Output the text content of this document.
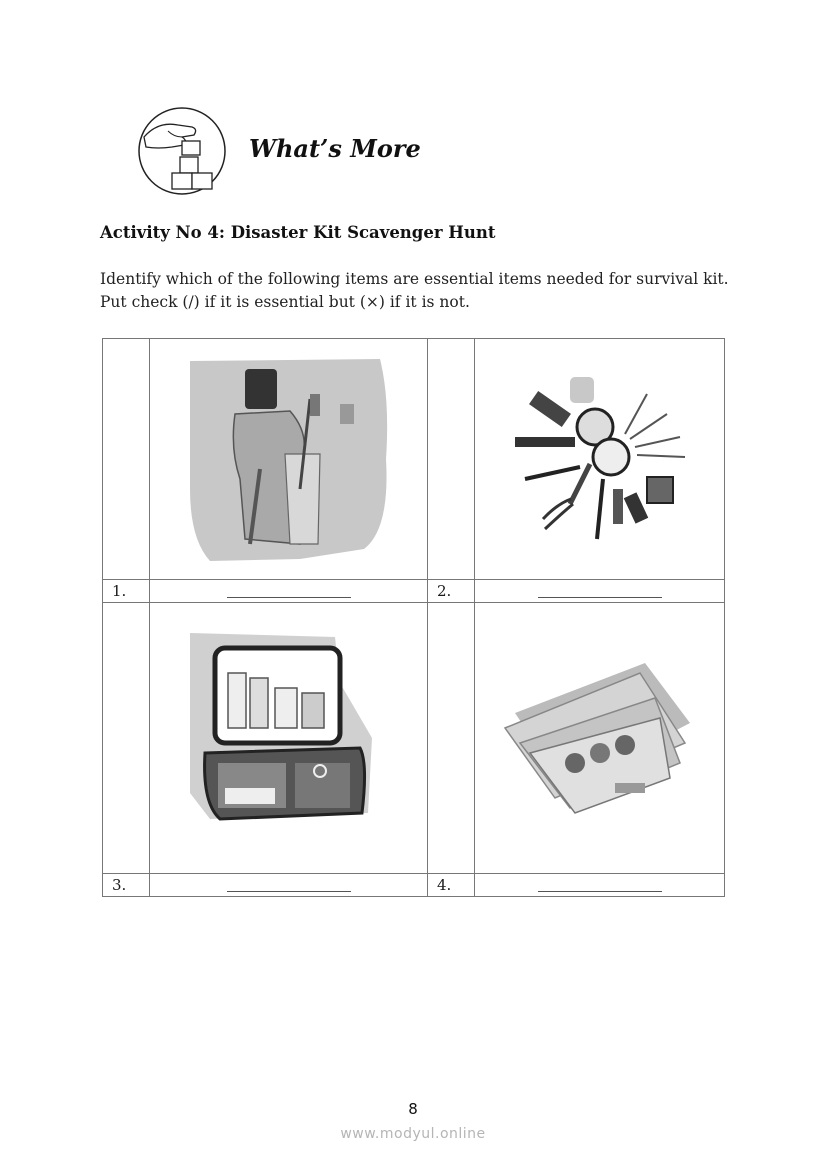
What’s More
Activity No 4: Disaster Kit Scavenger Hunt
Identify which of the following items are essential items needed for survival kit. Put check (/) if it is essential but (×) if it is not.

1.		2.	

3.		4.	
8
www.modyul.online
